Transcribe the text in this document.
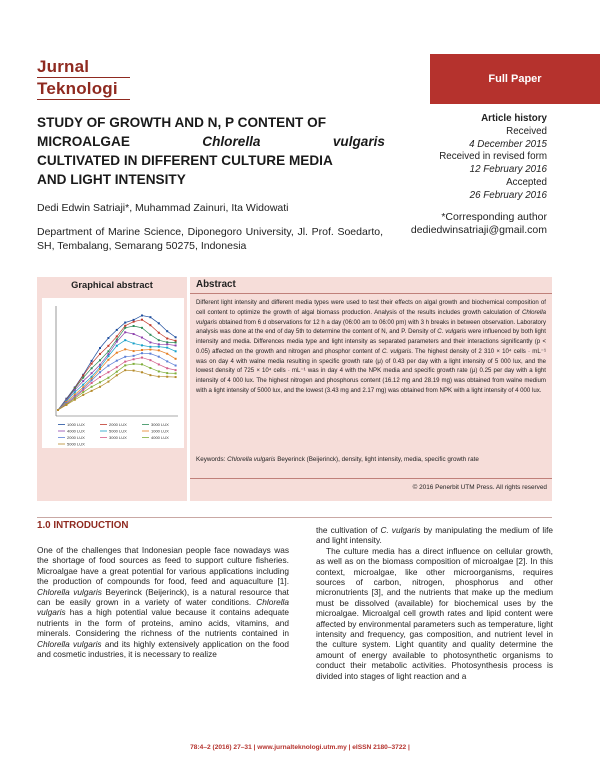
Jurnal
Teknologi	Full Paper
STUDY OF GROWTH AND N, P CONTENT OF
MICROALGAE	Chlorella	vulgaris
CULTIVATED IN DIFFERENT CULTURE MEDIA
AND LIGHT INTENSITY
Article history
Received
4 December 2015
Received in revised form
12 February 2016
Accepted
26 February 2016
Dedi Edwin Satriaji*, Muhammad Zainuri, Ita Widowati
Department of Marine Science, Diponegoro University, Jl. Prof. Soedarto, SH, Tembalang, Semarang 50275, Indonesia
*Corresponding author
dediedwinsatriaji@gmail.com
Graphical abstract
1000 LUX	2000 LUX	3000 LUX
4000 LUX	5000 LUX	1000 LUX
2000 LUX	3000 LUX	4000 LUX
5000 LUX
Abstract
Different light intensity and different media types were used to test their effects on algal growth and biochemical composition of cell content to optimize the growth of algal biomass production. Analysis of the results includes growth calculation of Chlorella vulgaris obtained from 6 d observations for 12 h a day (06:00 am to 06:00 pm) with 3 h breaks in between observation. Laboratory analysis was done at the end of day 5th to determine the content of N, and P. Density of C. vulgaris were influenced by both light intensity and media. Differences media type and light intensity as separated parameters and their interactions significantly (p < 0.05) affected on the growth and nitrogen and phosphor content of C. vulgaris. The highest density of 2 310 × 10⁴ cells · mL⁻¹ was on day 4 with walne media resulting in specific growth rate (μ) of 0.43 per day with a light intensity of 5 000 lux, and the lowest density of 725 × 10⁴ cells · mL⁻¹ was in day 4 with the NPK media and specific growth rate (μ) 0.25 per day with a light intensity of 4 000 lux. The highest nitrogen and phosphorus content (16.12 mg and 28.19 mg) was obtained from walne medium with a light intensity of 5000 lux, and the lowest (3.43 mg and 2.17 mg) was obtained from NPK with a light intensity of 4 000 lux.
Keywords: Chlorella vulgaris Beyerinck (Beijerinck), density, light intensity, media, specific growth rate
© 2016 Penerbit UTM Press. All rights reserved
1.0 INTRODUCTION

One of the challenges that Indonesian people face nowadays was the shortage of food sources as feed to support culture fisheries. Microalgae have a great potential for various applications including the production of compounds for food, feed and aquaculture [1]. Chlorella vulgaris Beyerinck (Beijerinck), is a natural resource that can be easily grown in a variety of water conditions. Chlorella vulgaris has a high potential value because it contains adequate nutrients in the form of proteins, amino acids, vitamins, and minerals. Considering the richness of the nutrients contained in Chlorella vulgaris and its highly extensively application on the food and cosmetic industries, it is necessary to realize

the cultivation of C. vulgaris by manipulating the medium of life and light intensity.

The culture media has a direct influence on cellular growth, as well as on the biomass composition of microalgae [2]. In this context, microalgae, like other microorganisms, requires sources of carbon, nitrogen, phosphorus and other micronutrients [3], and the nutrients that make up the medium must be dissolved (available) for biochemical uses by the microalgae. Microalgal cell growth rates and lipid content were affected by environmental parameters such as temperature, light intensity and frequency, gas composition, and nutrient level in the culture system. Light quantity and quality determine the amount of energy available to photosynthetic organisms to conduct their metabolic activities. Photosynthesis process is divided into stages of light reaction and a

78:4–2 (2016) 27–31 | www.jurnalteknologi.utm.my | eISSN 2180–3722 |
